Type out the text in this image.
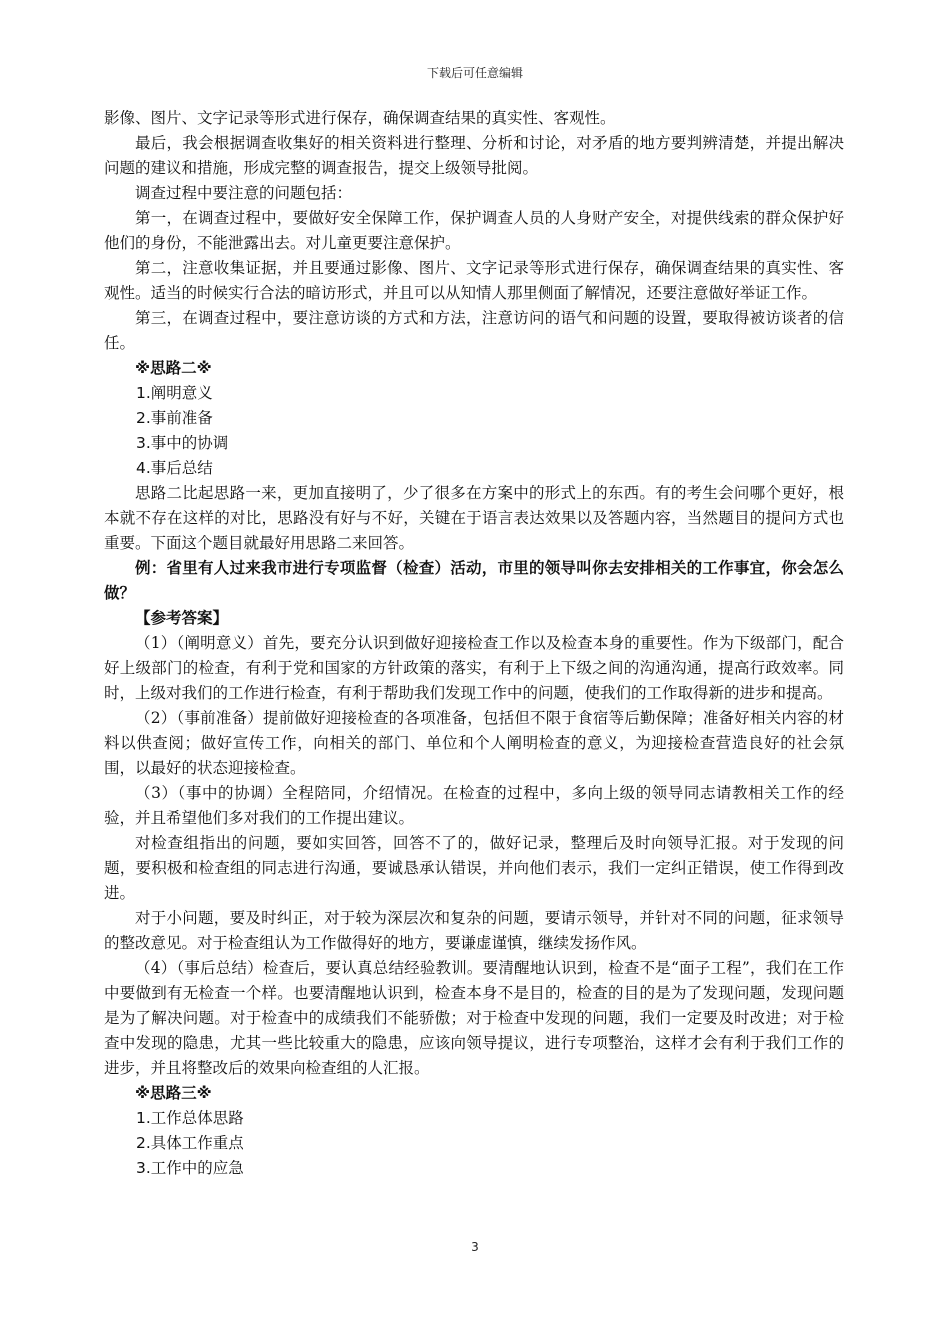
下载后可任意编辑

影像、图片、文字记录等形式进行保存，确保调查结果的真实性、客观性。

最后，我会根据调查收集好的相关资料进行整理、分析和讨论，对矛盾的地方要判辨清楚，并提出解决问题的建议和措施，形成完整的调查报告，提交上级领导批阅。

调查过程中要注意的问题包括：

第一，在调查过程中，要做好安全保障工作，保护调查人员的人身财产安全，对提供线索的群众保护好他们的身份，不能泄露出去。对儿童更要注意保护。

第二，注意收集证据，并且要通过影像、图片、文字记录等形式进行保存，确保调查结果的真实性、客观性。适当的时候实行合法的暗访形式，并且可以从知情人那里侧面了解情况，还要注意做好举证工作。

第三，在调查过程中，要注意访谈的方式和方法，注意访问的语气和问题的设置，要取得被访谈者的信任。

※思路二※

1.阐明意义

2.事前准备

3.事中的协调

4.事后总结

思路二比起思路一来，更加直接明了，少了很多在方案中的形式上的东西。有的考生会问哪个更好，根本就不存在这样的对比，思路没有好与不好，关键在于语言表达效果以及答题内容，当然题目的提问方式也重要。下面这个题目就最好用思路二来回答。

例：省里有人过来我市进行专项监督（检查）活动，市里的领导叫你去安排相关的工作事宜，你会怎么做？

【参考答案】

（1）（阐明意义）首先，要充分认识到做好迎接检查工作以及检查本身的重要性。作为下级部门，配合好上级部门的检查，有利于党和国家的方针政策的落实，有利于上下级之间的沟通沟通，提高行政效率。同时，上级对我们的工作进行检查，有利于帮助我们发现工作中的问题，使我们的工作取得新的进步和提高。

（2）（事前准备）提前做好迎接检查的各项准备，包括但不限于食宿等后勤保障；准备好相关内容的材料以供查阅；做好宣传工作，向相关的部门、单位和个人阐明检查的意义，为迎接检查营造良好的社会氛围，以最好的状态迎接检查。

（3）（事中的协调）全程陪同，介绍情况。在检查的过程中，多向上级的领导同志请教相关工作的经验，并且希望他们多对我们的工作提出建议。

对检查组指出的问题，要如实回答，回答不了的，做好记录，整理后及时向领导汇报。对于发现的问题，要积极和检查组的同志进行沟通，要诚恳承认错误，并向他们表示，我们一定纠正错误，使工作得到改进。

对于小问题，要及时纠正，对于较为深层次和复杂的问题，要请示领导，并针对不同的问题，征求领导的整改意见。对于检查组认为工作做得好的地方，要谦虚谨慎，继续发扬作风。

（4）（事后总结）检查后，要认真总结经验教训。要清醒地认识到，检查不是“面子工程”，我们在工作中要做到有无检查一个样。也要清醒地认识到，检查本身不是目的，检查的目的是为了发现问题，发现问题是为了解决问题。对于检查中的成绩我们不能骄傲；对于检查中发现的问题，我们一定要及时改进；对于检查中发现的隐患，尤其一些比较重大的隐患，应该向领导提议，进行专项整治，这样才会有利于我们工作的进步，并且将整改后的效果向检查组的人汇报。

※思路三※

1.工作总体思路

2.具体工作重点

3.工作中的应急

3
